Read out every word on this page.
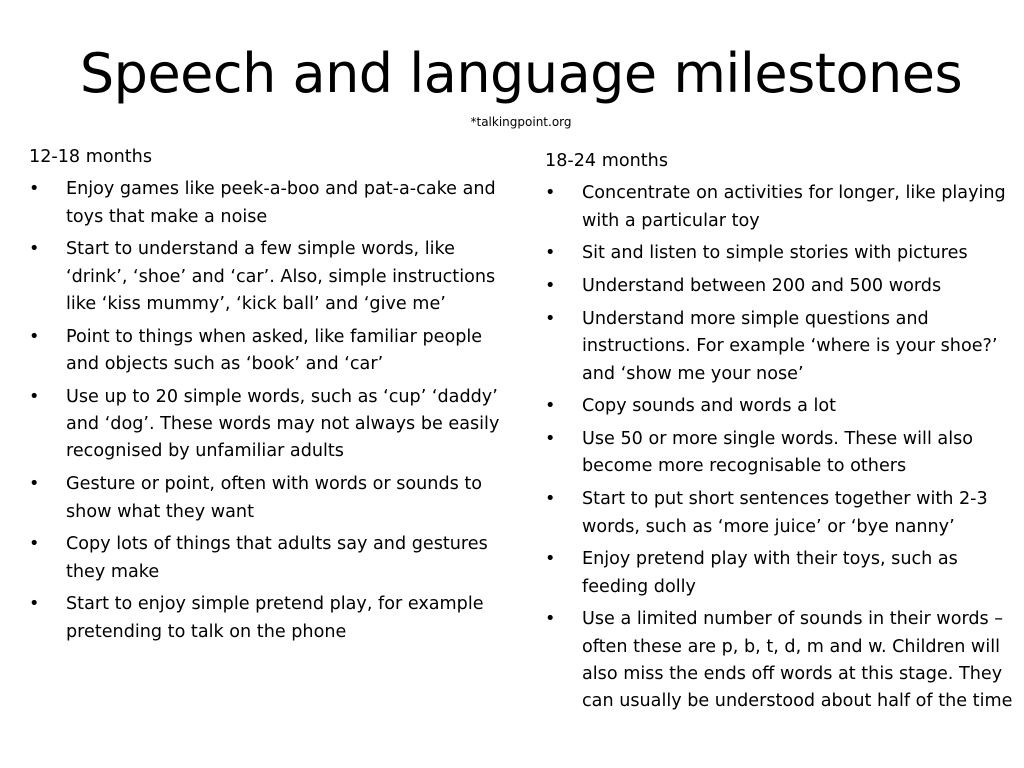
Speech and language milestones
*talkingpoint.org
12-18 months
•	Enjoy games like peek-a-boo and pat-a-cake and toys that make a noise
•	Start to understand a few simple words, like ‘drink’, ‘shoe’ and ‘car’. Also, simple instructions like ‘kiss mummy’, ‘kick ball’ and ‘give me’
•	Point to things when asked, like familiar people and objects such as ‘book’ and ‘car’
•	Use up to 20 simple words, such as ‘cup’ ‘daddy’ and ‘dog’. These words may not always be easily recognised by unfamiliar adults
•	Gesture or point, often with words or sounds to show what they want
•	Copy lots of things that adults say and gestures they make
•	Start to enjoy simple pretend play, for example pretending to talk on the phone
18-24 months
•	Concentrate on activities for longer, like playing with a particular toy
•	Sit and listen to simple stories with pictures
•	Understand between 200 and 500 words
•	Understand more simple questions and instructions. For example ‘where is your shoe?’ and ‘show me your nose’
•	Copy sounds and words a lot
•	Use 50 or more single words. These will also become more recognisable to others
•	Start to put short sentences together with 2-3 words, such as ‘more juice’ or ‘bye nanny’
•	Enjoy pretend play with their toys, such as feeding dolly
•	Use a limited number of sounds in their words – often these are p, b, t, d, m and w. Children will also miss the ends off words at this stage. They can usually be understood about half of the time
